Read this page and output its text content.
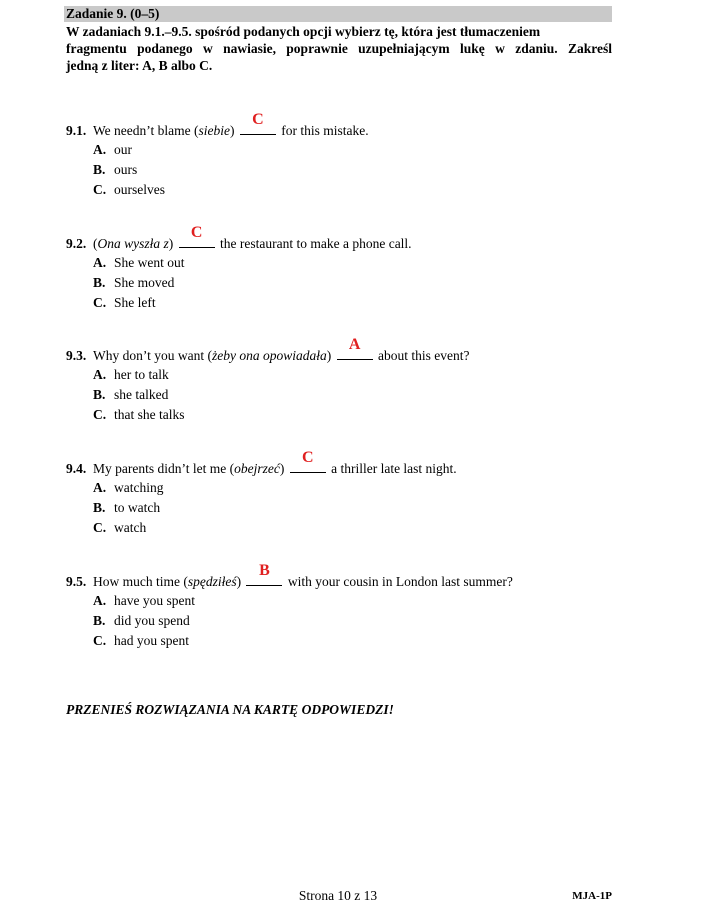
Zadanie 9. (0–5)
W zadaniach 9.1.–9.5. spośród podanych opcji wybierz tę, która jest tłumaczeniem
fragmentu podanego w nawiasie, poprawnie uzupełniającym lukę w zdaniu. Zakreśl
jedną z liter: A, B albo C.
9.1. We needn’t blame (siebie)
C
for this mistake.
A. our
B. ours
C. ourselves
9.2. (Ona wyszła z)
C
the restaurant to make a phone call.
A. She went out
B. She moved
C. She left
9.3. Why don’t you want (żeby ona opowiadała)
A
about this event?
A. her to talk
B. she talked
C. that she talks
9.4. My parents didn’t let me (obejrzeć)
C
a thriller late last night.
A. watching
B. to watch
C. watch
9.5. How much time (spędziłeś)
B
with your cousin in London last summer?
A. have you spent
B. did you spend
C. had you spent
PRZENIEŚ ROZWIĄZANIA NA KARTĘ ODPOWIEDZI!
Strona 10 z 13	MJA-1P
